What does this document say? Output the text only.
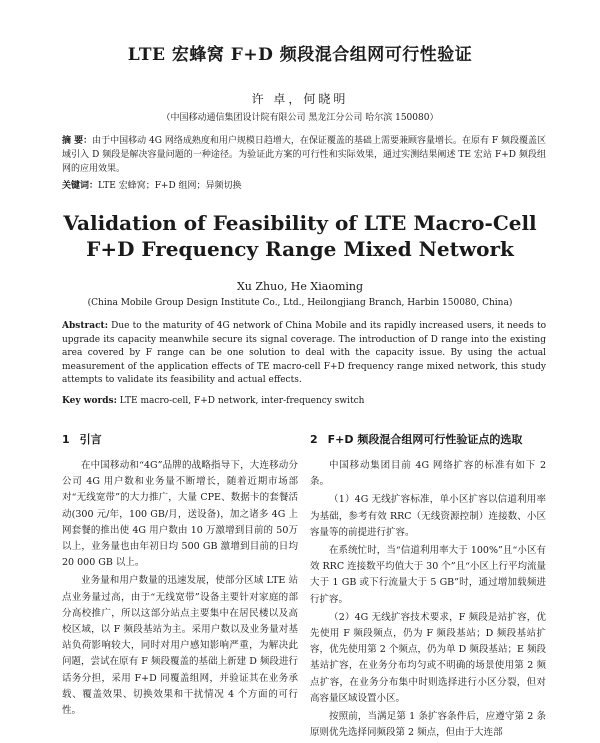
LTE 宏蜂窝 F+D 频段混合组网可行性验证
许 卓，何晓明
（中国移动通信集团设计院有限公司 黑龙江分公司 哈尔滨 150080）
摘 要：由于中国移动 4G 网络成熟度和用户规模日趋增大，在保证覆盖的基础上需要兼顾容量增长。在原有 F 频段覆盖区域引入 D 频段是解决容量问题的一种途径。为验证此方案的可行性和实际效果，通过实测结果阐述 TE 宏站 F+D 频段组网的应用效果。
关键词：LTE 宏蜂窝；F+D 组网；异频切换
Validation of Feasibility of LTE Macro-Cell
F+D Frequency Range Mixed Network
Xu Zhuo, He Xiaoming
(China Mobile Group Design Institute Co., Ltd., Heilongjiang Branch, Harbin 150080, China)
Abstract: Due to the maturity of 4G network of China Mobile and its rapidly increased users, it needs to upgrade its capacity meanwhile secure its signal coverage. The introduction of D range into the existing area covered by F range can be one solution to deal with the capacity issue. By using the actual measurement of the application effects of TE macro-cell F+D frequency range mixed network, this study attempts to validate its feasibility and actual effects.
Key words: LTE macro-cell, F+D network, inter-frequency switch
1 引言

在中国移动和“4G”品牌的战略指导下，大连移动分公司 4G 用户数和业务量不断增长，随着近期市场部对“无线宽带”的大力推广，大量 CPE、数据卡的套餐活动(300 元/年，100 GB/月，送设备)，加之诸多 4G 上网套餐的推出使 4G 用户数由 10 万激增到目前的 50万以上，业务量也由年初日均 500 GB 激增到目前的日均 20 000 GB 以上。

业务量和用户数量的迅速发展，使部分区域 LTE 站点业务量过高，由于“无线宽带”设备主要针对家庭的部分高校推广，所以这部分站点主要集中在居民楼以及高校区域，以 F 频段基站为主。采用户数以及业务量对基站负荷影响较大，同时对用户感知影响严重，为解决此问题，尝试在原有 F 频段覆盖的基础上新建 D 频段进行话务分担，采用 F+D 同覆盖组网，并验证其在业务承载、覆盖效果、切换效果和干扰情况 4 个方面的可行性。

2 F+D 频段混合组网可行性验证点的选取

中国移动集团目前 4G 网络扩容的标准有如下 2 条。

（1）4G 无线扩容标准，单小区扩容以信道利用率为基础，参考有效 RRC（无线资源控制）连接数、小区容量等的前提进行扩容。

在系统忙时，当“信道利用率大于 100%”且“小区有效 RRC 连接数平均值大于 30 个”且“小区上行平均流量大于 1 GB 或下行流量大于 5 GB”时，通过增加载频进行扩容。

（2）4G 无线扩容技术要求，F 频段是站扩容，优先使用 F 频段频点，仍为 F 频段基站；D 频段基站扩容，优先使用第 2 个频点，仍为单 D 频段基站；E 频段基站扩容，在业务分布均匀或不明确的场景使用第 2 频点扩容，在业务分布集中时则选择进行小区分裂，但对高容量区域设置小区。

按照前，当满足第 1 条扩容条件后，应遵守第 2 条原则优先选择同频段第 2 频点，但由于大连部
